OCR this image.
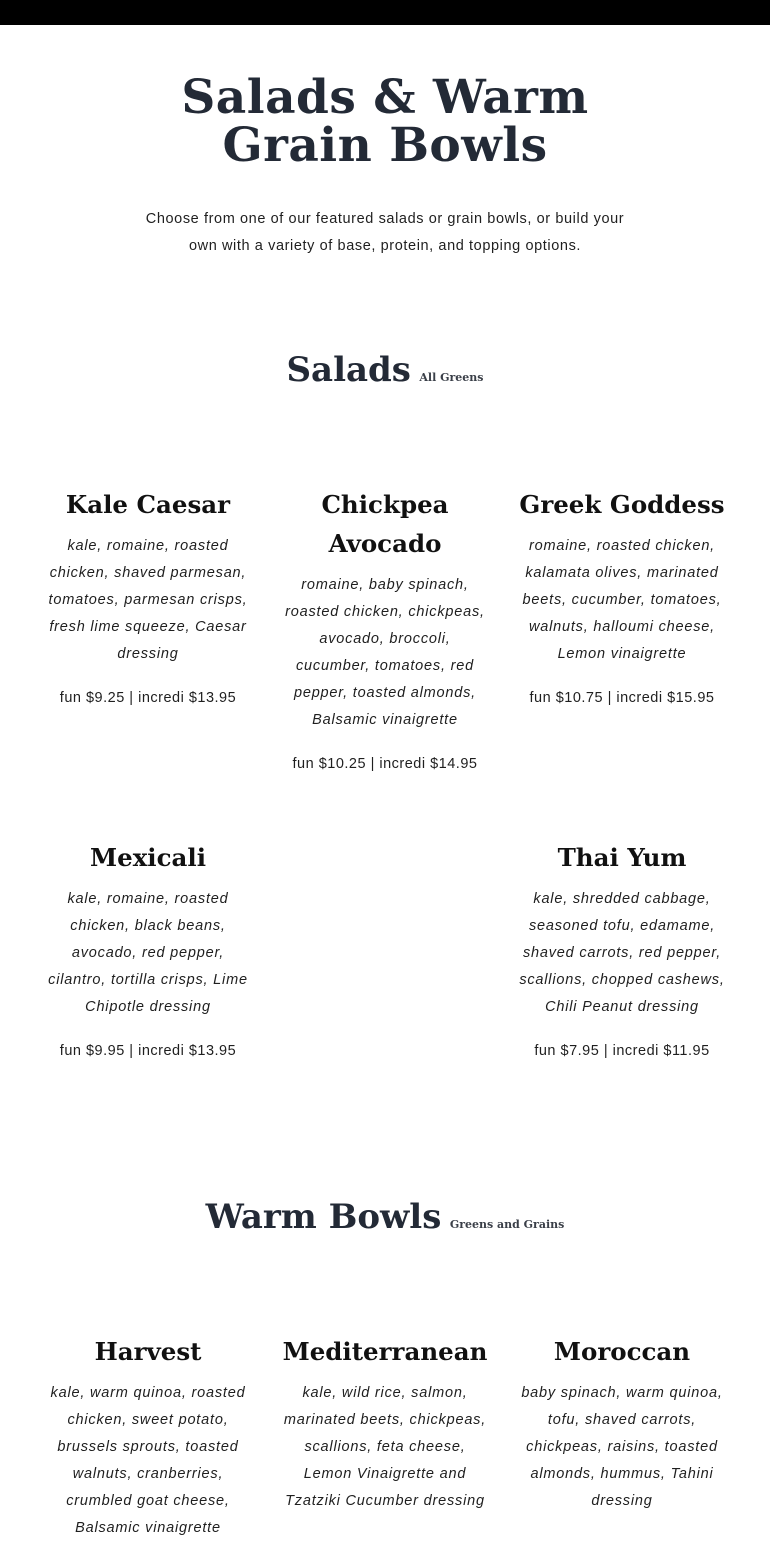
Salads & Warm
Grain Bowls

Choose from one of our featured salads or grain bowls, or build your
own with a variety of base, protein, and topping options.

Salads All Greens
Kale Caesar
kale, romaine, roasted
chicken, shaved parmesan,
tomatoes, parmesan crisps,
fresh lime squeeze, Caesar
dressing
fun $9.25 | incredi $13.95
Chickpea
Avocado
romaine, baby spinach,
roasted chicken, chickpeas,
avocado, broccoli,
cucumber, tomatoes, red
pepper, toasted almonds,
Balsamic vinaigrette
fun $10.25 | incredi $14.95
Greek Goddess
romaine, roasted chicken,
kalamata olives, marinated
beets, cucumber, tomatoes,
walnuts, halloumi cheese,
Lemon vinaigrette
fun $10.75 | incredi $15.95
Mexicali
kale, romaine, roasted
chicken, black beans,
avocado, red pepper,
cilantro, tortilla crisps, Lime
Chipotle dressing
fun $9.95 | incredi $13.95
Thai Yum
kale, shredded cabbage,
seasoned tofu, edamame,
shaved carrots, red pepper,
scallions, chopped cashews,
Chili Peanut dressing
fun $7.95 | incredi $11.95
Warm Bowls Greens and Grains
Harvest
kale, warm quinoa, roasted
chicken, sweet potato,
brussels sprouts, toasted
walnuts, cranberries,
crumbled goat cheese,
Balsamic vinaigrette
Mediterranean
kale, wild rice, salmon,
marinated beets, chickpeas,
scallions, feta cheese,
Lemon Vinaigrette and
Tzatziki Cucumber dressing
Moroccan
baby spinach, warm quinoa,
tofu, shaved carrots,
chickpeas, raisins, toasted
almonds, hummus, Tahini
dressing
